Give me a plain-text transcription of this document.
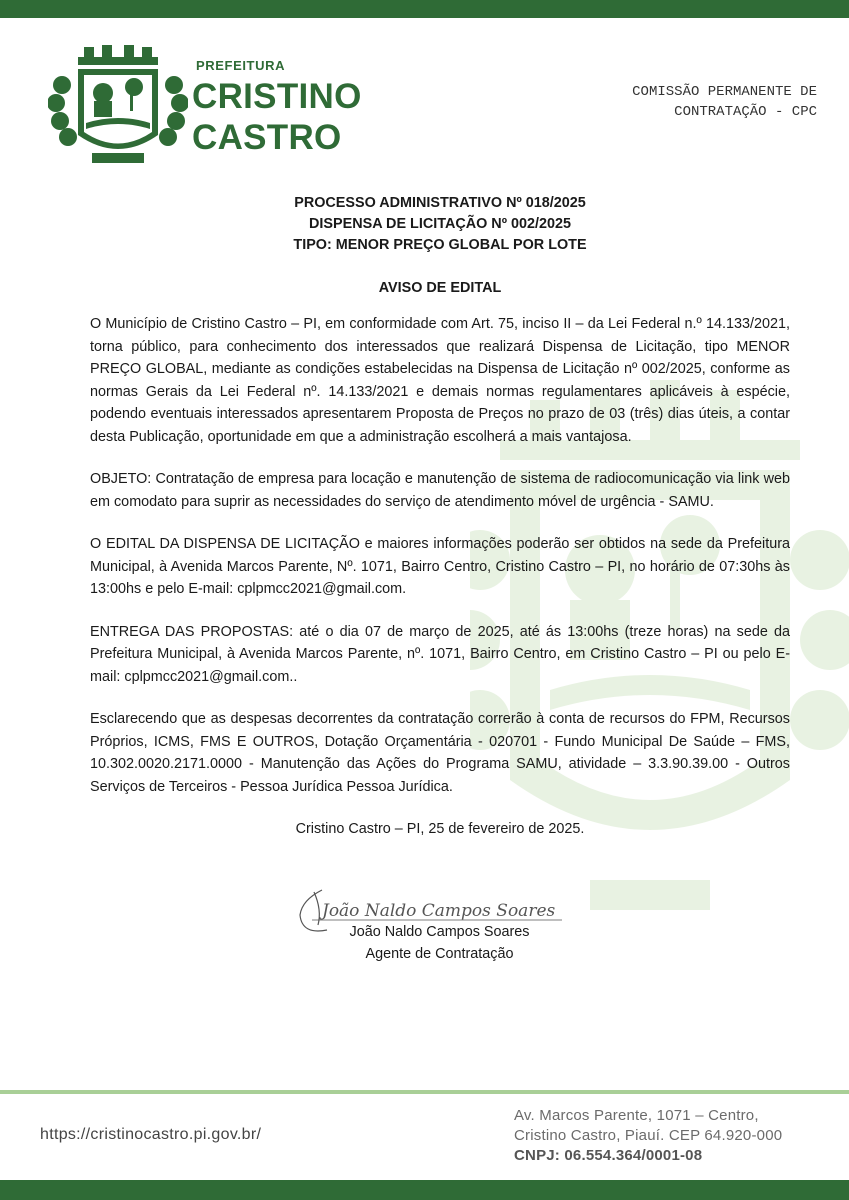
PREFEITURA
CRISTINO
CASTRO
COMISSÃO PERMANENTE DE
CONTRATAÇÃO - CPC
PROCESSO ADMINISTRATIVO Nº 018/2025
DISPENSA DE LICITAÇÃO Nº 002/2025
TIPO: MENOR PREÇO GLOBAL POR LOTE
AVISO DE EDITAL

O Município de Cristino Castro – PI, em conformidade com Art. 75, inciso II – da Lei Federal n.º 14.133/2021, torna público, para conhecimento dos interessados que realizará Dispensa de Licitação, tipo MENOR PREÇO GLOBAL, mediante as condições estabelecidas na Dispensa de Licitação nº 002/2025, conforme as normas Gerais da Lei Federal nº. 14.133/2021 e demais normas regulamentares aplicáveis à espécie, podendo eventuais interessados apresentarem Proposta de Preços no prazo de 03 (três) dias úteis, a contar desta Publicação, oportunidade em que a administração escolherá a mais vantajosa.

OBJETO: Contratação de empresa para locação e manutenção de sistema de radiocomunicação via link web em comodato para suprir as necessidades do serviço de atendimento móvel de urgência - SAMU.

O EDITAL DA DISPENSA DE LICITAÇÃO e maiores informações poderão ser obtidos na sede da Prefeitura Municipal, à Avenida Marcos Parente, Nº. 1071, Bairro Centro, Cristino Castro – PI, no horário de 07:30hs às 13:00hs e pelo E-mail: cplpmcc2021@gmail.com.

ENTREGA DAS PROPOSTAS: até o dia 07 de março de 2025, até ás 13:00hs (treze horas) na sede da Prefeitura Municipal, à Avenida Marcos Parente, nº. 1071, Bairro Centro, em Cristino Castro – PI ou pelo E-mail: cplpmcc2021@gmail.com..

Esclarecendo que as despesas decorrentes da contratação correrão à conta de recursos do FPM, Recursos Próprios, ICMS, FMS E OUTROS, Dotação Orçamentária - 020701 - Fundo Municipal De Saúde – FMS, 10.302.0020.2171.0000 - Manutenção das Ações do Programa SAMU, atividade – 3.3.90.39.00 - Outros Serviços de Terceiros - Pessoa Jurídica Pessoa Jurídica.

Cristino Castro – PI, 25 de fevereiro de 2025.
João Naldo Campos Soares
João Naldo Campos Soares
Agente de Contratação
https://cristinocastro.pi.gov.br/
Av. Marcos Parente, 1071 – Centro,
Cristino Castro, Piauí. CEP 64.920-000
CNPJ: 06.554.364/0001-08
